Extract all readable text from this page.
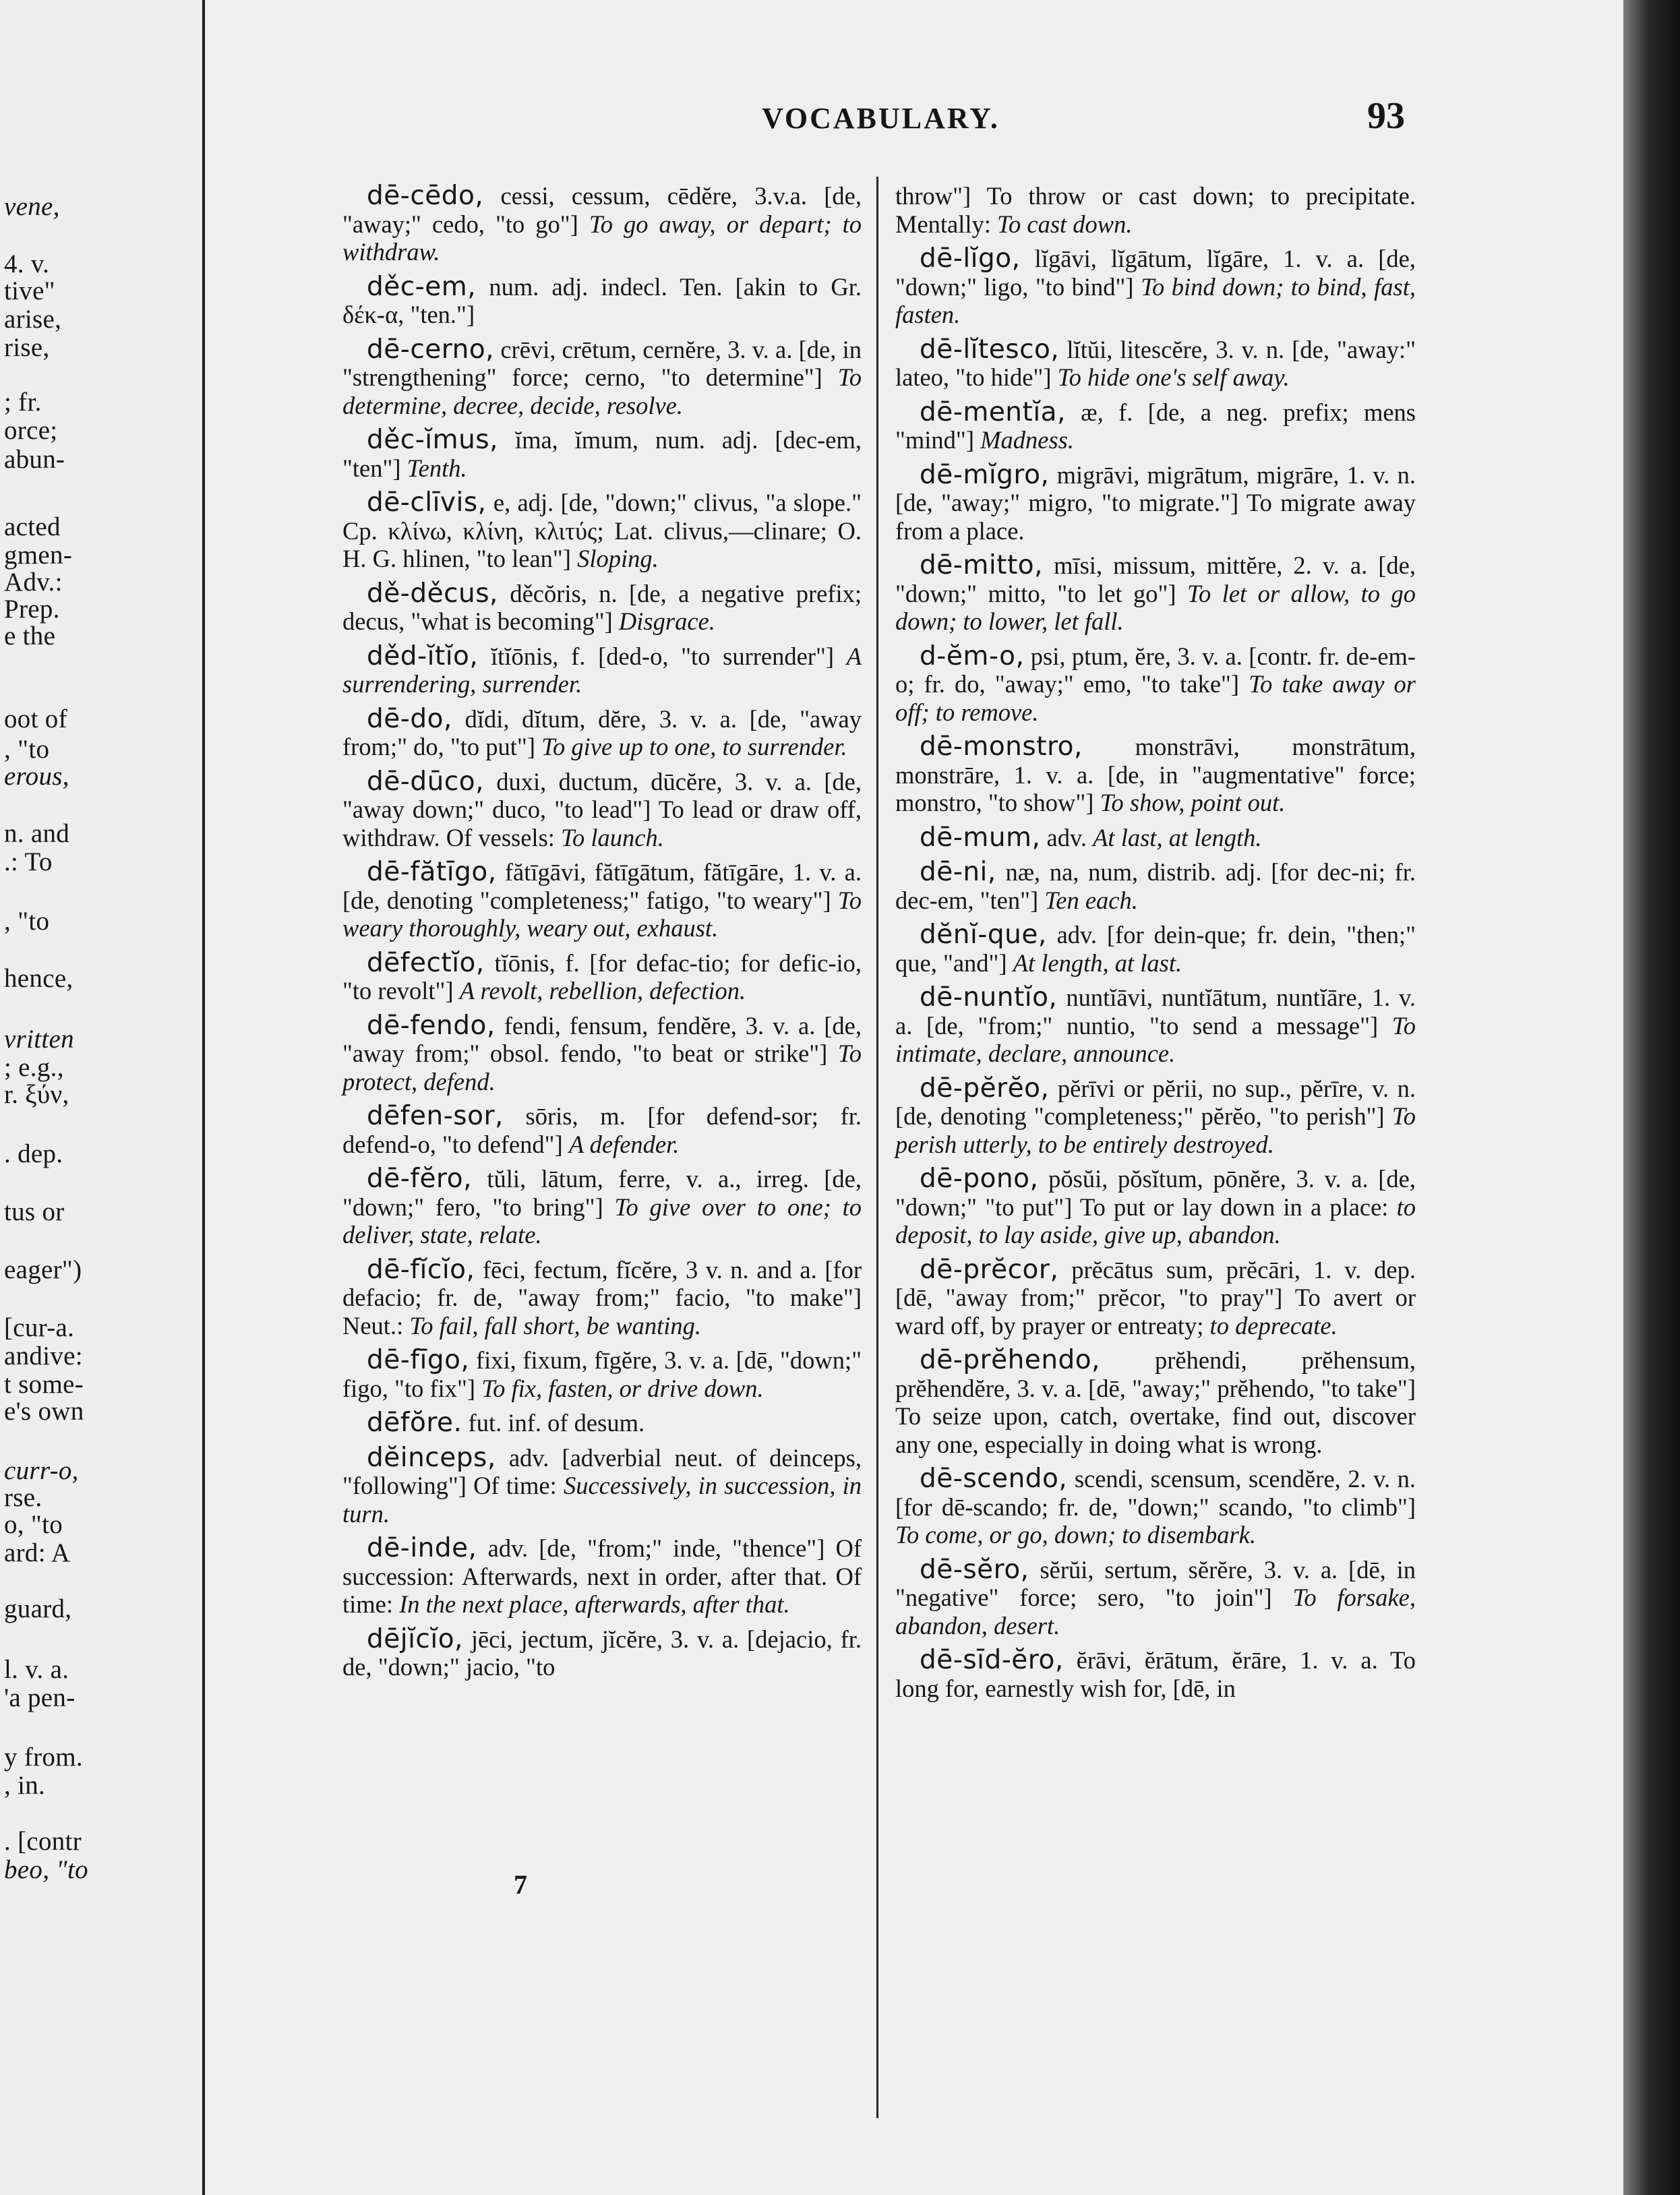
vene,
4. v.
tive"
arise,
rise,
; fr.
orce;
abun-
acted
gmen-
Adv.:
Prep.
e the
oot of
, "to
erous,
n. and
.: To
, "to
hence,
vritten
; e.g.,
r. ξύν,
. dep.
tus or
eager")
[cur-a.
andive:
t some-
e's own
curr-o,
rse.
o, "to
ard: A
guard,
l. v. a.
'a pen-
y from.
, in.
. [contr
beo, "to
VOCABULARY.	93

dē-cēdo, cessi, cessum, cēdĕre, 3.v.a. [de, "away;" cedo, "to go"] To go away, or depart; to withdraw.

děc-em, num. adj. indecl. Ten. [akin to Gr. δέκ-α, "ten."]

dē-cerno, crēvi, crētum, cernĕre, 3. v. a. [de, in "strengthening" force; cerno, "to determine"] To determine, decree, decide, resolve.

děc-ĭmus, ĭma, ĭmum, num. adj. [dec-em, "ten"] Tenth.

dē-clīvis, e, adj. [de, "down;" clivus, "a slope." Cp. κλίνω, κλίνη, κλιτύς; Lat. clivus,—clinare; O. H. G. hlinen, "to lean"] Sloping.

dě-děcus, děcŏris, n. [de, a negative prefix; decus, "what is becoming"] Disgrace.

děd-ĭtĭo, ĭtĭōnis, f. [ded-o, "to surrender"] A surrendering, surrender.

dē-do, dĭdi, dĭtum, dĕre, 3. v. a. [de, "away from;" do, "to put"] To give up to one, to surrender.

dē-dūco, duxi, ductum, dūcĕre, 3. v. a. [de, "away down;" duco, "to lead"] To lead or draw off, withdraw. Of vessels: To launch.

dē-fătīgo, fătīgāvi, fătīgātum, fătīgāre, 1. v. a. [de, denoting "completeness;" fatigo, "to weary"] To weary thoroughly, weary out, exhaust.

dēfectĭo, tĭōnis, f. [for defac-tio; for defic-io, "to revolt"] A revolt, rebellion, defection.

dē-fendo, fendi, fensum, fendĕre, 3. v. a. [de, "away from;" obsol. fendo, "to beat or strike"] To protect, defend.

dēfen-sor, sōris, m. [for defend-sor; fr. defend-o, "to defend"] A defender.

dē-fĕro, tŭli, lātum, ferre, v. a., irreg. [de, "down;" fero, "to bring"] To give over to one; to deliver, state, relate.

dē-fĭcĭo, fēci, fectum, fĭcĕre, 3 v. n. and a. [for defacio; fr. de, "away from;" facio, "to make"] Neut.: To fail, fall short, be wanting.

dē-fīgo, fixi, fixum, fīgĕre, 3. v. a. [dē, "down;" figo, "to fix"] To fix, fasten, or drive down.

dēfŏre. fut. inf. of desum.

dĕinceps, adv. [adverbial neut. of deinceps, "following"] Of time: Successively, in succession, in turn.

dē-inde, adv. [de, "from;" inde, "thence"] Of succession: Afterwards, next in order, after that. Of time: In the next place, afterwards, after that.

dējĭcĭo, jēci, jectum, jĭcĕre, 3. v. a. [dejacio, fr. de, "down;" jacio, "to

throw"] To throw or cast down; to precipitate. Mentally: To cast down.

dē-lĭgo, lĭgāvi, lĭgātum, lĭgāre, 1. v. a. [de, "down;" ligo, "to bind"] To bind down; to bind, fast, fasten.

dē-lĭtesco, lĭtŭi, litescĕre, 3. v. n. [de, "away:" lateo, "to hide"] To hide one's self away.

dē-mentĭa, æ, f. [de, a neg. prefix; mens "mind"] Madness.

dē-mĭgro, migrāvi, migrātum, migrāre, 1. v. n. [de, "away;" migro, "to migrate."] To migrate away from a place.

dē-mitto, mīsi, missum, mittĕre, 2. v. a. [de, "down;" mitto, "to let go"] To let or allow, to go down; to lower, let fall.

d-ĕm-o, psi, ptum, ĕre, 3. v. a. [contr. fr. de-em-o; fr. do, "away;" emo, "to take"] To take away or off; to remove.

dē-monstro, monstrāvi, monstrātum, monstrāre, 1. v. a. [de, in "augmentative" force; monstro, "to show"] To show, point out.

dē-mum, adv. At last, at length.

dē-ni, næ, na, num, distrib. adj. [for dec-ni; fr. dec-em, "ten"] Ten each.

dĕnĭ-que, adv. [for dein-que; fr. dein, "then;" que, "and"] At length, at last.

dē-nuntĭo, nuntĭāvi, nuntĭātum, nuntĭāre, 1. v. a. [de, "from;" nuntio, "to send a message"] To intimate, declare, announce.

dē-pĕrĕo, pĕrīvi or pĕrii, no sup., pĕrīre, v. n. [de, denoting "completeness;" pĕrĕo, "to perish"] To perish utterly, to be entirely destroyed.

dē-pono, pŏsŭi, pŏsĭtum, pōnĕre, 3. v. a. [de, "down;" "to put"] To put or lay down in a place: to deposit, to lay aside, give up, abandon.

dē-prĕcor, prĕcātus sum, prĕcāri, 1. v. dep. [dē, "away from;" prĕcor, "to pray"] To avert or ward off, by prayer or entreaty; to deprecate.

dē-prĕhendo, prĕhendi, prĕhensum, prĕhendĕre, 3. v. a. [dē, "away;" prĕhendo, "to take"] To seize upon, catch, overtake, find out, discover any one, especially in doing what is wrong.

dē-scendo, scendi, scensum, scendĕre, 2. v. n. [for dē-scando; fr. de, "down;" scando, "to climb"] To come, or go, down; to disembark.

dē-sĕro, sĕrŭi, sertum, sĕrĕre, 3. v. a. [dē, in "negative" force; sero, "to join"] To forsake, abandon, desert.

dē-sīd-ĕro, ĕrāvi, ĕrātum, ĕrāre, 1. v. a. To long for, earnestly wish for, [dē, in

7
